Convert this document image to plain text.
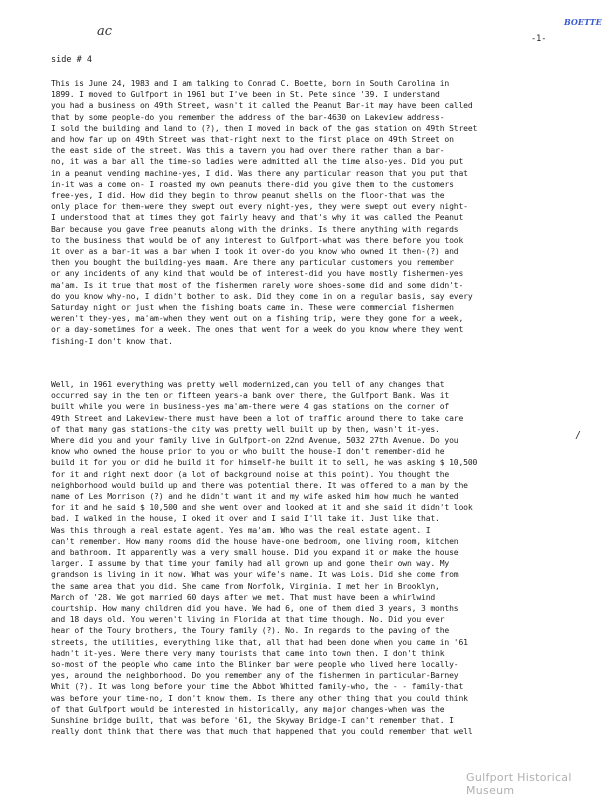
ac
BOETTE
-1-
side # 4
This is June 24, 1983 and I am talking to Conrad C. Boette, born in South Carolina in
1899. I moved to Gulfport in 1961 but I've been in St. Pete since '39. I understand
you had a business on 49th Street, wasn't it called the Peanut Bar-it may have been called
that by some people-do you remember the address of the bar-4630 on Lakeview address-
I sold the building and land to (?), then I moved in back of the gas station on 49th Street
and how far up on 49th Street was that-right next to the first place on 49th Street on
the east side of the street. Was this a tavern you had over there rather than a bar-
no, it was a bar all the time-so ladies were admitted all the time also-yes. Did you put
in a peanut vending machine-yes, I did. Was there any particular reason that you put that
in-it was a come on- I roasted my own peanuts there-did you give them to the customers
free-yes, I did. How did they begin to throw peanut shells on the floor-that was the
only place for them-were they swept out every night-yes, they were swept out every night-
I understood that at times they got fairly heavy and that's why it was called the Peanut
Bar because you gave free peanuts along with the drinks. Is there anything with regards
to the business that would be of any interest to Gulfport-what was there before you took
it over as a bar-it was a bar when I took it over-do you know who owned it then-(?) and
then you bought the building-yes maam. Are there any particular customers you remember
or any incidents of any kind that would be of interest-did you have mostly fishermen-yes
ma'am. Is it true that most of the fishermen rarely wore shoes-some did and some didn't-
do you know why-no, I didn't bother to ask. Did they come in on a regular basis, say every
Saturday night or just when the fishing boats came in. These were commercial fishermen
weren't they-yes, ma'am-when they went out on a fishing trip, were they gone for a week,
or a day-sometimes for a week. The ones that went for a week do you know where they went
fishing-I don't know that.
Well, in 1961 everything was pretty well modernized,can you tell of any changes that
occurred say in the ten or fifteen years-a bank over there, the Gulfport Bank. Was it
built while you were in business-yes ma'am-there were 4 gas stations on the corner of
49th Street and Lakeview-there must have been a lot of traffic around there to take care
of that many gas stations-the city was pretty well built up by then, wasn't it-yes.
Where did you and your family live in Gulfport-on 22nd Avenue, 5032 27th Avenue. Do you
know who owned the house prior to you or who built the house-I don't remember-did he
build it for you or did he build it for himself-he built it to sell, he was asking $ 10,500
for it and right next door (a lot of background noise at this point). You thought the
neighborhood would build up and there was potential there. It was offered to a man by the
name of Les Morrison (?) and he didn't want it and my wife asked him how much he wanted
for it and he said $ 10,500 and she went over and looked at it and she said it didn't look
bad. I walked in the house, I oked it over and I said I'll take it. Just like that.
Was this through a real estate agent. Yes ma'am. Who was the real estate agent. I
can't remember. How many rooms did the house have-one bedroom, one living room, kitchen
and bathroom. It apparently was a very small house. Did you expand it or make the house
larger. I assume by that time your family had all grown up and gone their own way. My
grandson is living in it now. What was your wife's name. It was Lois. Did she come from
the same area that you did. She came from Norfolk, Virginia. I met her in Brooklyn,
March of '28. We got married 60 days after we met. That must have been a whirlwind
courtship. How many children did you have. We had 6, one of them died 3 years, 3 months
and 18 days old. You weren't living in Florida at that time though. No. Did you ever
hear of the Toury brothers, the Toury family (?). No. In regards to the paving of the
streets, the utilities, everything like that, all that had been done when you came in '61
hadn't it-yes. Were there very many tourists that came into town then. I don't think
so-most of the people who came into the Blinker bar were people who lived here locally-
yes, around the neighborhood. Do you remember any of the fishermen in particular-Barney
Whit (?). It was long before your time the Abbot Whitted family-who, the - - family-that
was before your time-no, I don't know them. Is there any other thing that you could think
of that Gulfport would be interested in historically, any major changes-when was the
Sunshine bridge built, that was before '61, the Skyway Bridge-I can't remember that. I
really dont think that there was that much that happened that you could remember that well
/
Gulfport Historical Museum
